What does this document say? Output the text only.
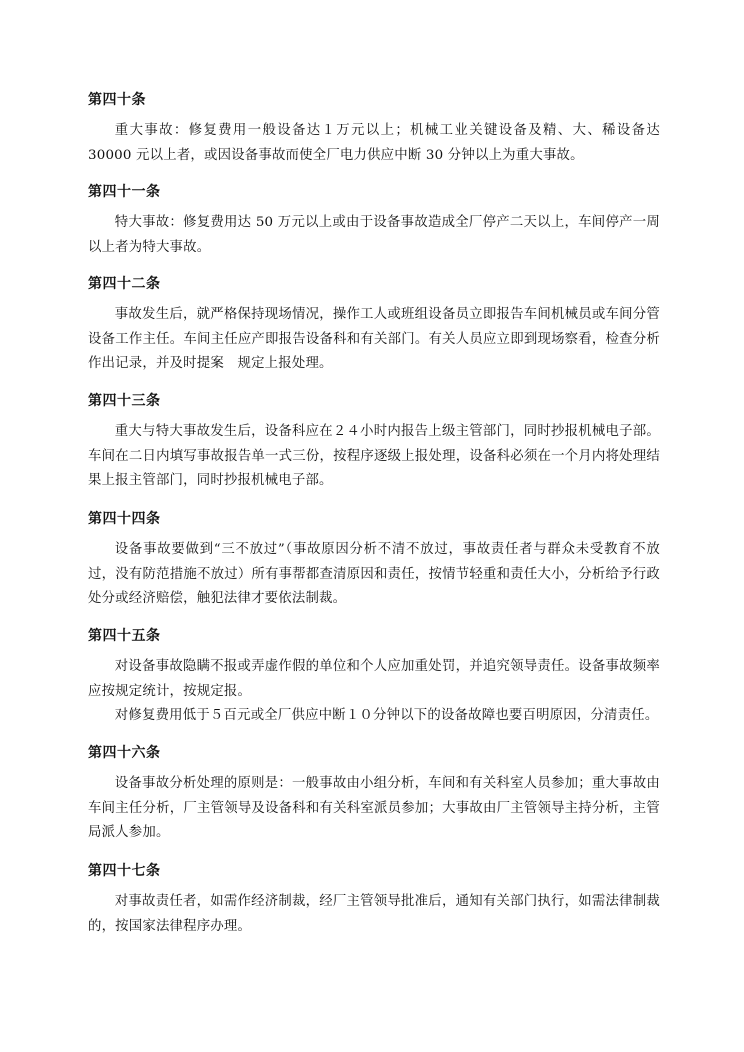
第四十条

重大事故：修复费用一般设备达１万元以上；机械工业关键设备及精、大、稀设备达 30000 元以上者，或因设备事故而使全厂电力供应中断 30 分钟以上为重大事故。

第四十一条

特大事故：修复费用达 50 万元以上或由于设备事故造成全厂停产二天以上，车间停产一周以上者为特大事故。

第四十二条

事故发生后，就严格保持现场情况，操作工人或班组设备员立即报告车间机械员或车间分管设备工作主任。车间主任应产即报告设备科和有关部门。有关人员应立即到现场察看，检查分析作出记录，并及时提案　规定上报处理。

第四十三条

重大与特大事故发生后，设备科应在２４小时内报告上级主管部门，同时抄报机械电子部。车间在二日内填写事故报告单一式三份，按程序逐级上报处理，设备科必须在一个月内将处理结果上报主管部门，同时抄报机械电子部。

第四十四条

设备事故要做到“三不放过”（事故原因分析不清不放过，事故责任者与群众未受教育不放过，没有防范措施不放过）所有事帮都查清原因和责任，按情节轻重和责任大小，分析给予行政处分或经济赔偿，触犯法律才要依法制裁。

第四十五条

对设备事故隐瞒不报或弄虚作假的单位和个人应加重处罚，并追究领导责任。设备事故频率应按规定统计，按规定报。

对修复费用低于５百元或全厂供应中断１０分钟以下的设备故障也要百明原因，分清责任。

第四十六条

设备事故分析处理的原则是：一般事故由小组分析，车间和有关科室人员参加；重大事故由车间主任分析，厂主管领导及设备科和有关科室派员参加；大事故由厂主管领导主持分析，主管局派人参加。

第四十七条

对事故责任者，如需作经济制裁，经厂主管领导批准后，通知有关部门执行，如需法律制裁的，按国家法律程序办理。
